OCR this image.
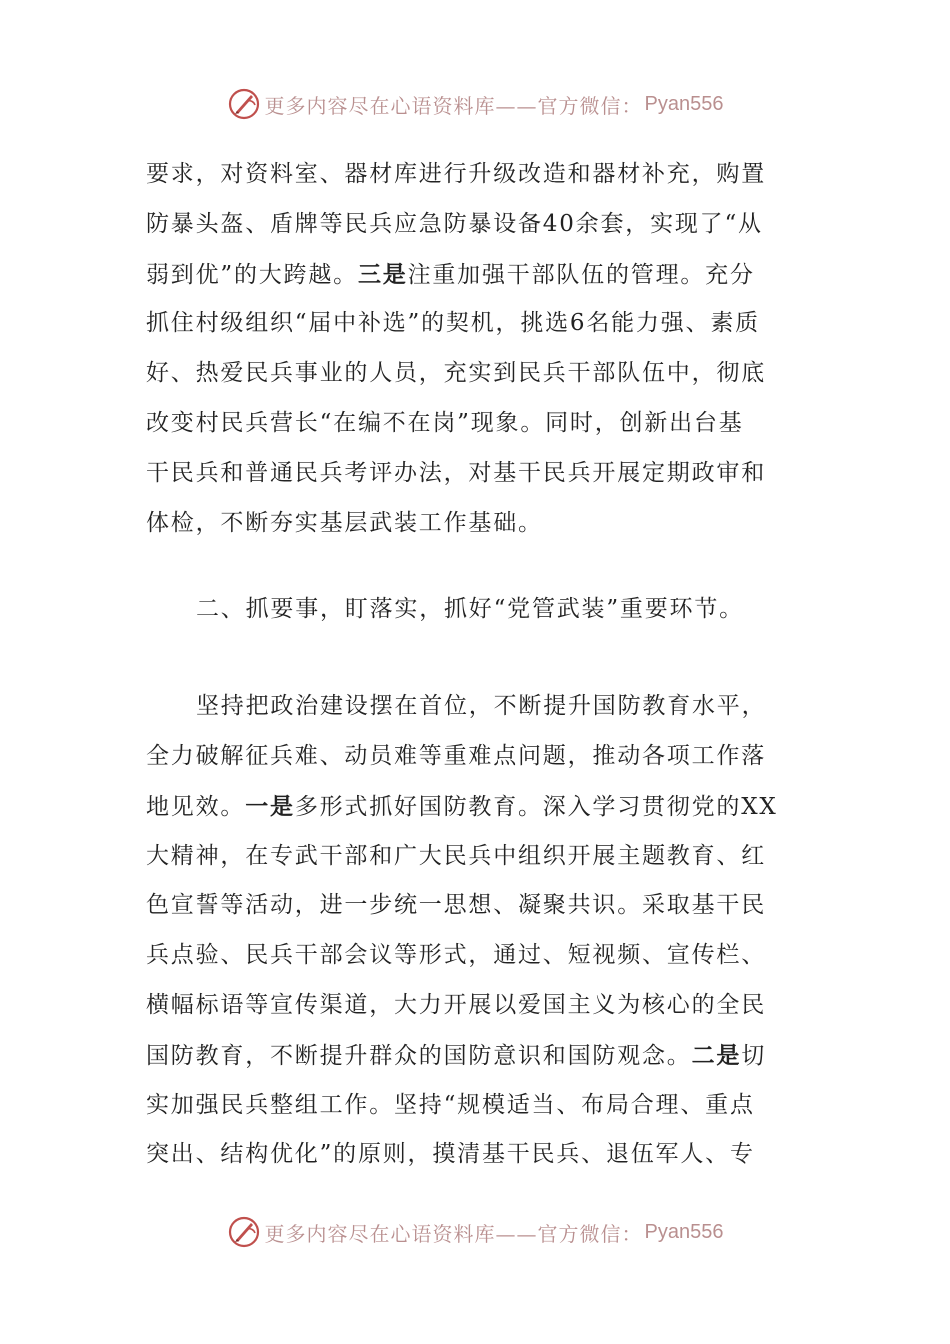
更多内容尽在心语资料库——官方微信： Pyan556
要求，对资料室、器材库进行升级改造和器材补充，购置
防暴头盔、盾牌等民兵应急防暴设备40余套，实现了“从
弱到优”的大跨越。三是注重加强干部队伍的管理。充分
抓住村级组织“届中补选”的契机，挑选6名能力强、素质
好、热爱民兵事业的人员，充实到民兵干部队伍中，彻底
改变村民兵营长“在编不在岗”现象。同时，创新出台基
干民兵和普通民兵考评办法，对基干民兵开展定期政审和
体检，不断夯实基层武装工作基础。
二、抓要事，盯落实，抓好“党管武装”重要环节。
坚持把政治建设摆在首位，不断提升国防教育水平，
全力破解征兵难、动员难等重难点问题，推动各项工作落
地见效。一是多形式抓好国防教育。深入学习贯彻党的XX
大精神，在专武干部和广大民兵中组织开展主题教育、红
色宣誓等活动，进一步统一思想、凝聚共识。采取基干民
兵点验、民兵干部会议等形式，通过、短视频、宣传栏、
横幅标语等宣传渠道，大力开展以爱国主义为核心的全民
国防教育，不断提升群众的国防意识和国防观念。二是切
实加强民兵整组工作。坚持“规模适当、布局合理、重点
突出、结构优化”的原则，摸清基干民兵、退伍军人、专
更多内容尽在心语资料库——官方微信： Pyan556
